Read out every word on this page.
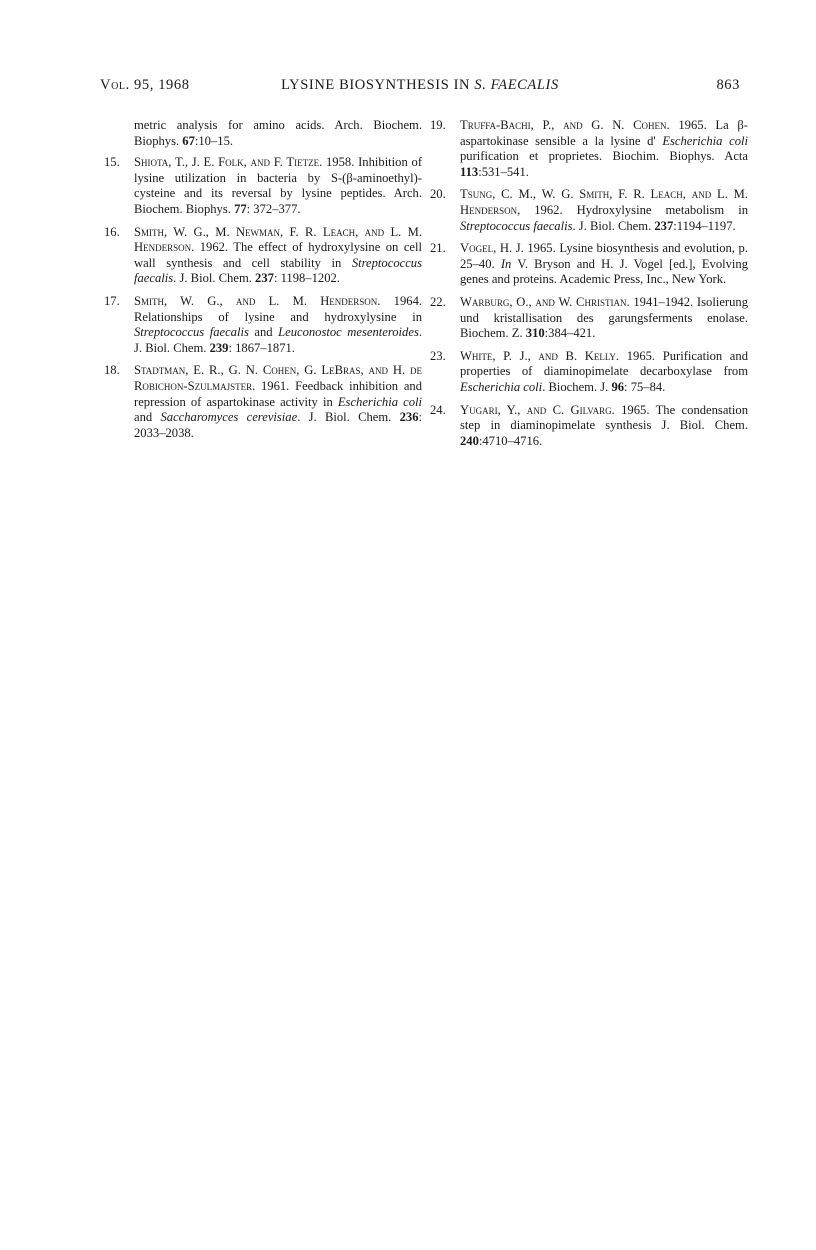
Vol. 95, 1968	LYSINE BIOSYNTHESIS IN S. FAECALIS	863
metric analysis for amino acids. Arch. Biochem. Biophys. 67:10–15.
15.	Shiota, T., J. E. Folk, and F. Tietze. 1958. Inhibition of lysine utilization in bacteria by S-(β-aminoethyl)-cysteine and its reversal by lysine peptides. Arch. Biochem. Biophys. 77: 372–377.
16.	Smith, W. G., M. Newman, F. R. Leach, and L. M. Henderson. 1962. The effect of hydroxylysine on cell wall synthesis and cell stability in Streptococcus faecalis. J. Biol. Chem. 237: 1198–1202.
17.	Smith, W. G., and L. M. Henderson. 1964. Relationships of lysine and hydroxylysine in Streptococcus faecalis and Leuconostoc mesenteroides. J. Biol. Chem. 239: 1867–1871.
18.	Stadtman, E. R., G. N. Cohen, G. LeBras, and H. de Robichon-Szulmajster. 1961. Feedback inhibition and repression of aspartokinase activity in Escherichia coli and Saccharomyces cerevisiae. J. Biol. Chem. 236: 2033–2038.
19.	Truffa-Bachi, P., and G. N. Cohen. 1965. La β-aspartokinase sensible a la lysine d' Escherichia coli purification et proprietes. Biochim. Biophys. Acta 113:531–541.
20.	Tsung, C. M., W. G. Smith, F. R. Leach, and L. M. Henderson, 1962. Hydroxylysine metabolism in Streptococcus faecalis. J. Biol. Chem. 237:1194–1197.
21.	Vogel, H. J. 1965. Lysine biosynthesis and evolution, p. 25–40. In V. Bryson and H. J. Vogel [ed.], Evolving genes and proteins. Academic Press, Inc., New York.
22.	Warburg, O., and W. Christian. 1941–1942. Isolierung und kristallisation des garungsferments enolase. Biochem. Z. 310:384–421.
23.	White, P. J., and B. Kelly. 1965. Purification and properties of diaminopimelate decarboxylase from Escherichia coli. Biochem. J. 96: 75–84.
24.	Yugari, Y., and C. Gilvarg. 1965. The condensation step in diaminopimelate synthesis J. Biol. Chem. 240:4710–4716.
